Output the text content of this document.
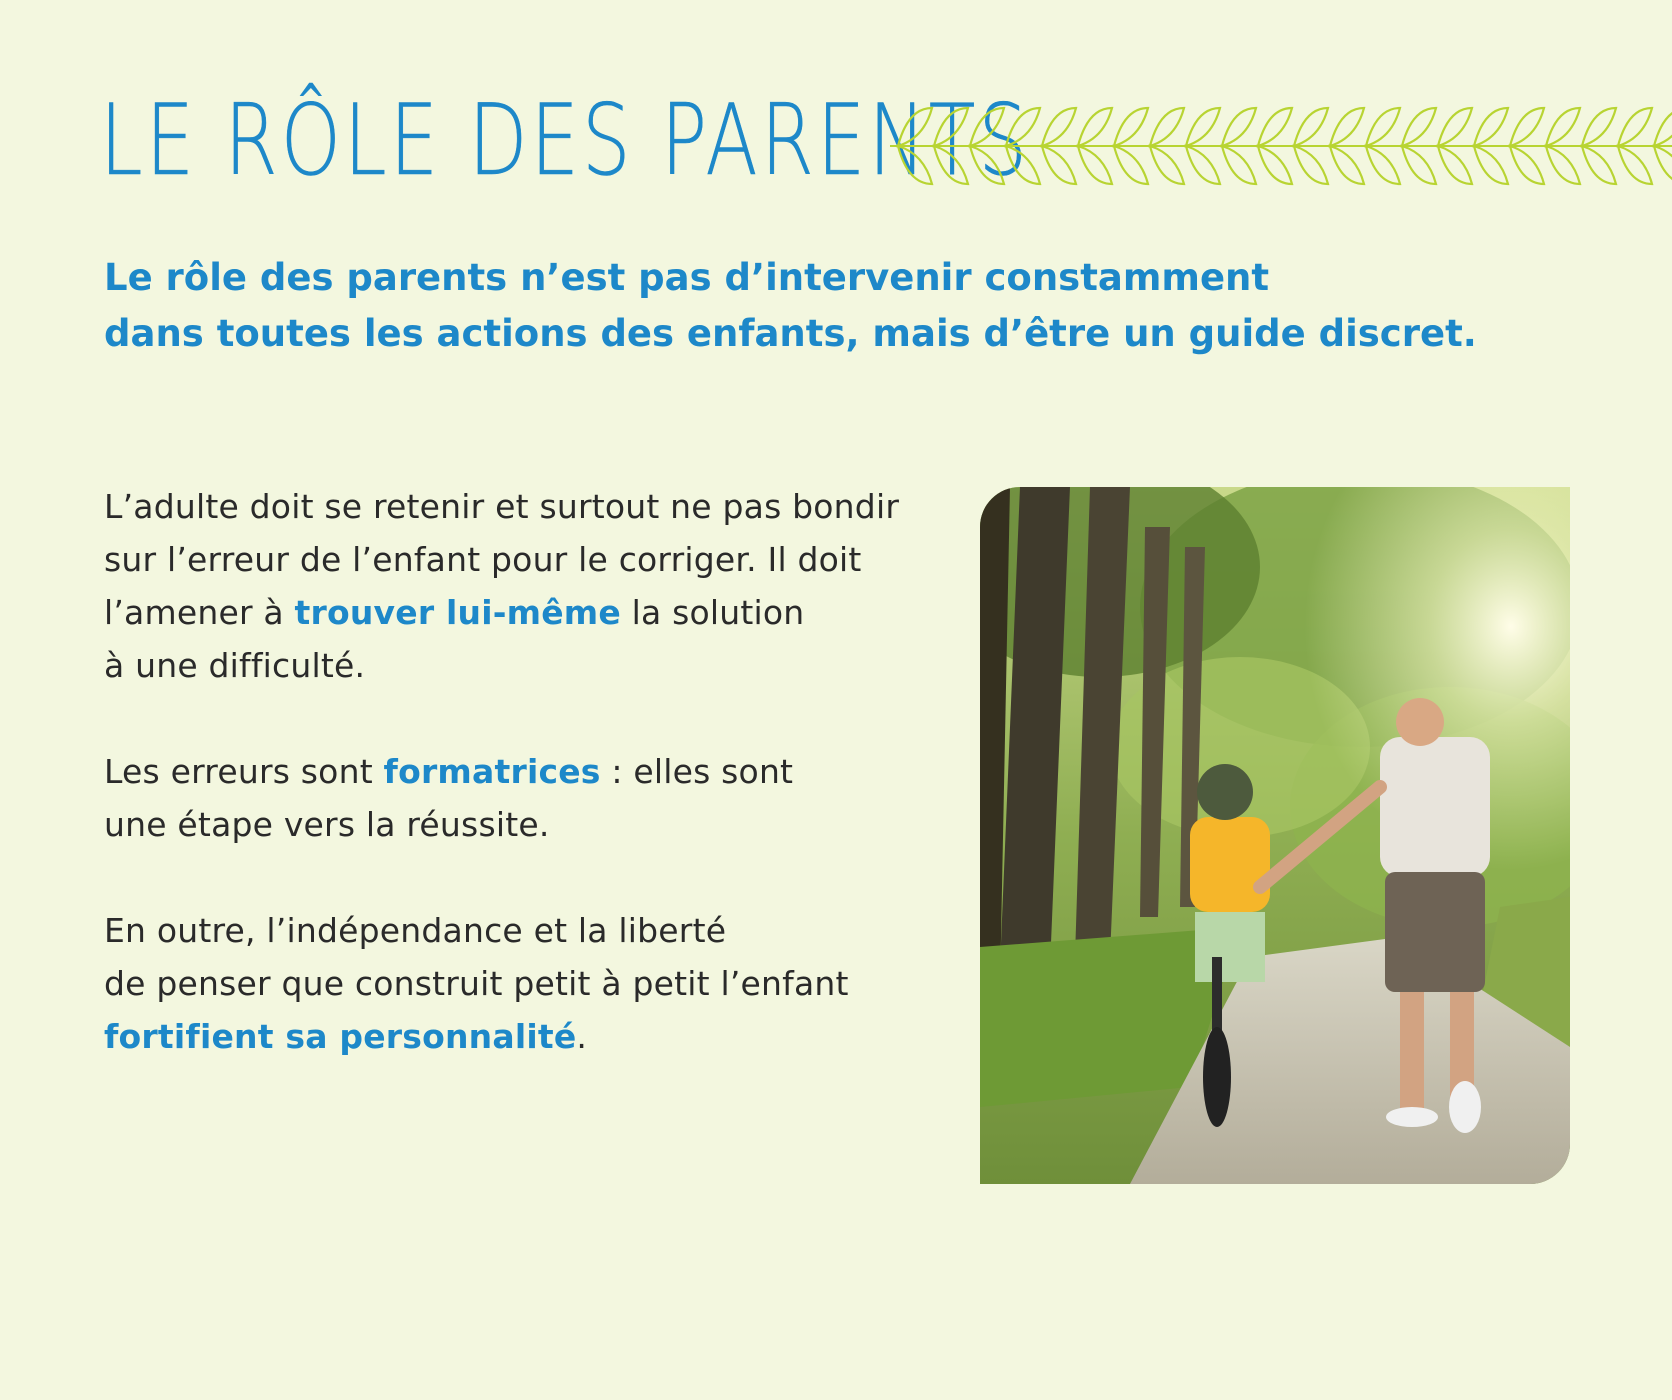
LE RÔLE DES PARENTS

Le rôle des parents n’est pas d’intervenir constamment
dans toutes les actions des enfants, mais d’être un guide discret.

L’adulte doit se retenir et surtout ne pas bondir
sur l’erreur de l’enfant pour le corriger. Il doit
l’amener à trouver lui-même la solution
à une difficulté.

Les erreurs sont formatrices : elles sont
une étape vers la réussite.

En outre, l’indépendance et la liberté
de penser que construit petit à petit l’enfant
fortifient sa personnalité.
